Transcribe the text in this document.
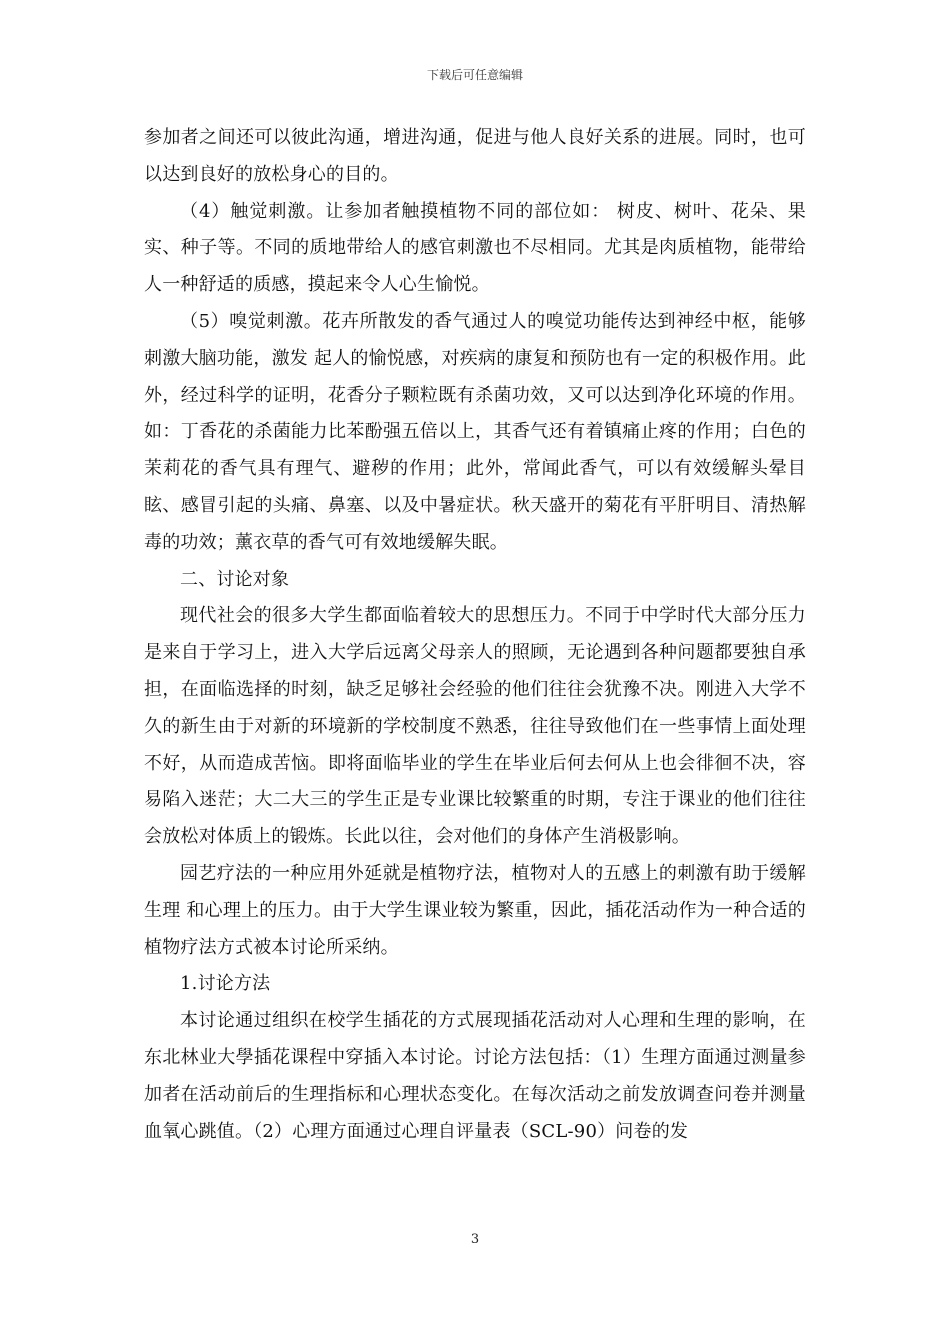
下载后可任意编辑

参加者之间还可以彼此沟通，增进沟通，促进与他人良好关系的进展。同时，也可以达到良好的放松身心的目的。

（4）触觉刺激。让参加者触摸植物不同的部位如： 树皮、树叶、花朵、果实、种子等。不同的质地带给人的感官刺激也不尽相同。尤其是肉质植物，能带给人一种舒适的质感，摸起来令人心生愉悦。

（5）嗅觉刺激。花卉所散发的香气通过人的嗅觉功能传达到神经中枢，能够刺激大脑功能，激发 起人的愉悦感，对疾病的康复和预防也有一定的积极作用。此外，经过科学的证明，花香分子颗粒既有杀菌功效，又可以达到净化环境的作用。如：丁香花的杀菌能力比苯酚强五倍以上，其香气还有着镇痛止疼的作用；白色的茉莉花的香气具有理气、避秽的作用；此外，常闻此香气，可以有效缓解头晕目眩、感冒引起的头痛、鼻塞、以及中暑症状。秋天盛开的菊花有平肝明目、清热解毒的功效；薰衣草的香气可有效地缓解失眠。

二、讨论对象

现代社会的很多大学生都面临着较大的思想压力。不同于中学时代大部分压力是来自于学习上，进入大学后远离父母亲人的照顾，无论遇到各种问题都要独自承担，在面临选择的时刻，缺乏足够社会经验的他们往往会犹豫不决。刚进入大学不久的新生由于对新的环境新的学校制度不熟悉，往往导致他们在一些事情上面处理不好，从而造成苦恼。即将面临毕业的学生在毕业后何去何从上也会徘徊不决，容易陷入迷茫；大二大三的学生正是专业课比较繁重的时期，专注于课业的他们往往会放松对体质上的锻炼。长此以往，会对他们的身体产生消极影响。

园艺疗法的一种应用外延就是植物疗法，植物对人的五感上的刺激有助于缓解生理 和心理上的压力。由于大学生课业较为繁重，因此，插花活动作为一种合适的植物疗法方式被本讨论所采纳。

1.讨论方法

本讨论通过组织在校学生插花的方式展现插花活动对人心理和生理的影响，在东北林业大學插花课程中穿插入本讨论。讨论方法包括：（1）生理方面通过测量参加者在活动前后的生理指标和心理状态变化。在每次活动之前发放调查问卷并测量血氧心跳值。（2）心理方面通过心理自评量表（SCL-90）问卷的发

3
